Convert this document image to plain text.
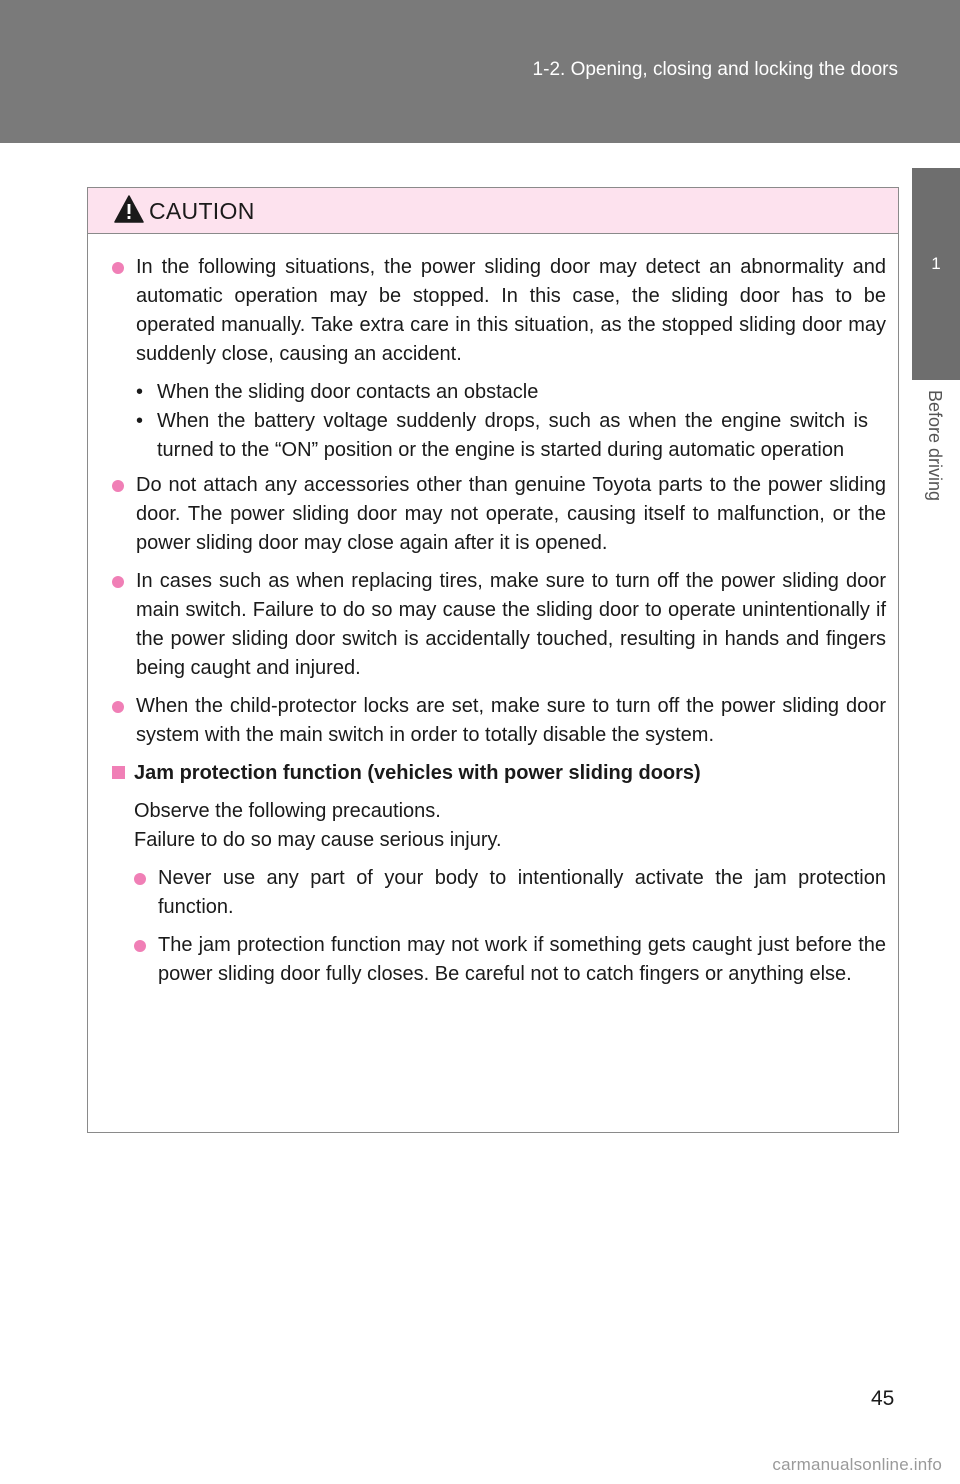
1-2. Opening, closing and locking the doors
1
Before driving
CAUTION
In the following situations, the power sliding door may detect an abnormality and automatic operation may be stopped. In this case, the sliding door has to be operated manually. Take extra care in this situation, as the stopped sliding door may suddenly close, causing an accident.
• When the sliding door contacts an obstacle
• When the battery voltage suddenly drops, such as when the engine switch is turned to the “ON” position or the engine is started during automatic operation
Do not attach any accessories other than genuine Toyota parts to the power sliding door. The power sliding door may not operate, causing itself to malfunction, or the power sliding door may close again after it is opened.
In cases such as when replacing tires, make sure to turn off the power sliding door main switch. Failure to do so may cause the sliding door to operate unintentionally if the power sliding door switch is accidentally touched, resulting in hands and fingers being caught and injured.
When the child-protector locks are set, make sure to turn off the power sliding door system with the main switch in order to totally disable the system.
Jam protection function (vehicles with power sliding doors)
Observe the following precautions.
Failure to do so may cause serious injury.
Never use any part of your body to intentionally activate the jam protection function.
The jam protection function may not work if something gets caught just before the power sliding door fully closes. Be careful not to catch fingers or anything else.
45
carmanualsonline.info
